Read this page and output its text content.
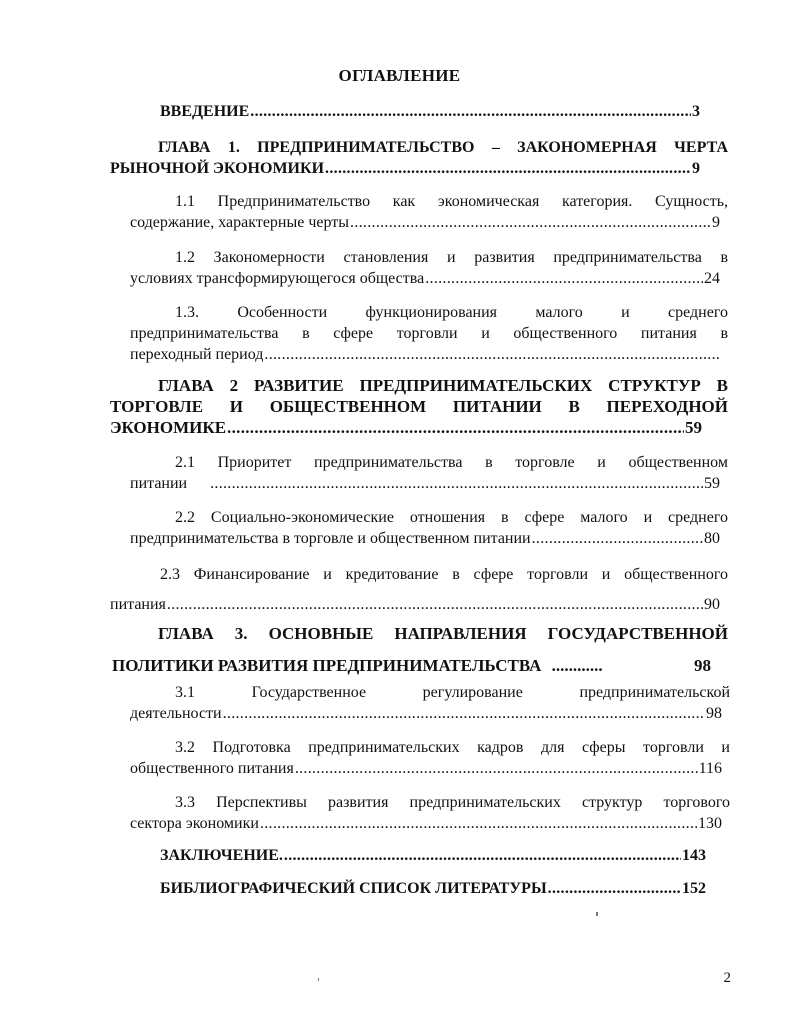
ОГЛАВЛЕНИЕ
ВВЕДЕНИЕ .....	3
ГЛАВА 1. ПРЕДПРИНИМАТЕЛЬСТВО – ЗАКОНОМЕРНАЯ ЧЕРТА
РЫНОЧНОЙ ЭКОНОМИКИ .....	9
1.1 Предпринимательство как экономическая категория. Сущность,
содержание, характерные черты .....	9
1.2 Закономерности становления и развития предпринимательства в
условиях трансформирующегося общества .....	24
1.3. Особенности функционирования малого и среднего
предпринимательства в сфере торговли и общественного питания в
переходный период
.....
ГЛАВА 2 РАЗВИТИЕ ПРЕДПРИНИМАТЕЛЬСКИХ СТРУКТУР В
ТОРГОВЛЕ И ОБЩЕСТВЕННОМ ПИТАНИИ В ПЕРЕХОДНОЙ
ЭКОНОМИКЕ .....	59
2.1 Приоритет предпринимательства в торговле и общественном
питании .....	59
2.2 Социально-экономические отношения в сфере малого и среднего
предпринимательства в торговле и общественном питании .....	80
2.3 Финансирование и кредитование в сфере торговли и общественного
питания .....	90
ГЛАВА 3. ОСНОВНЫЕ НАПРАВЛЕНИЯ ГОСУДАРСТВЕННОЙ
ПОЛИТИКИ РАЗВИТИЯ ПРЕДПРИНИМАТЕЛЬСТВА ............	98
3.1 Государственное регулирование предпринимательской
деятельности .....	98
3.2 Подготовка предпринимательских кадров для сферы торговли и
общественного питания .....	116
3.3 Перспективы развития предпринимательских структур торгового
сектора экономики .....	130
ЗАКЛЮЧЕНИЕ. .....	143
БИБЛИОГРАФИЧЕСКИЙ СПИСОК ЛИТЕРАТУРЫ .....	152
2
